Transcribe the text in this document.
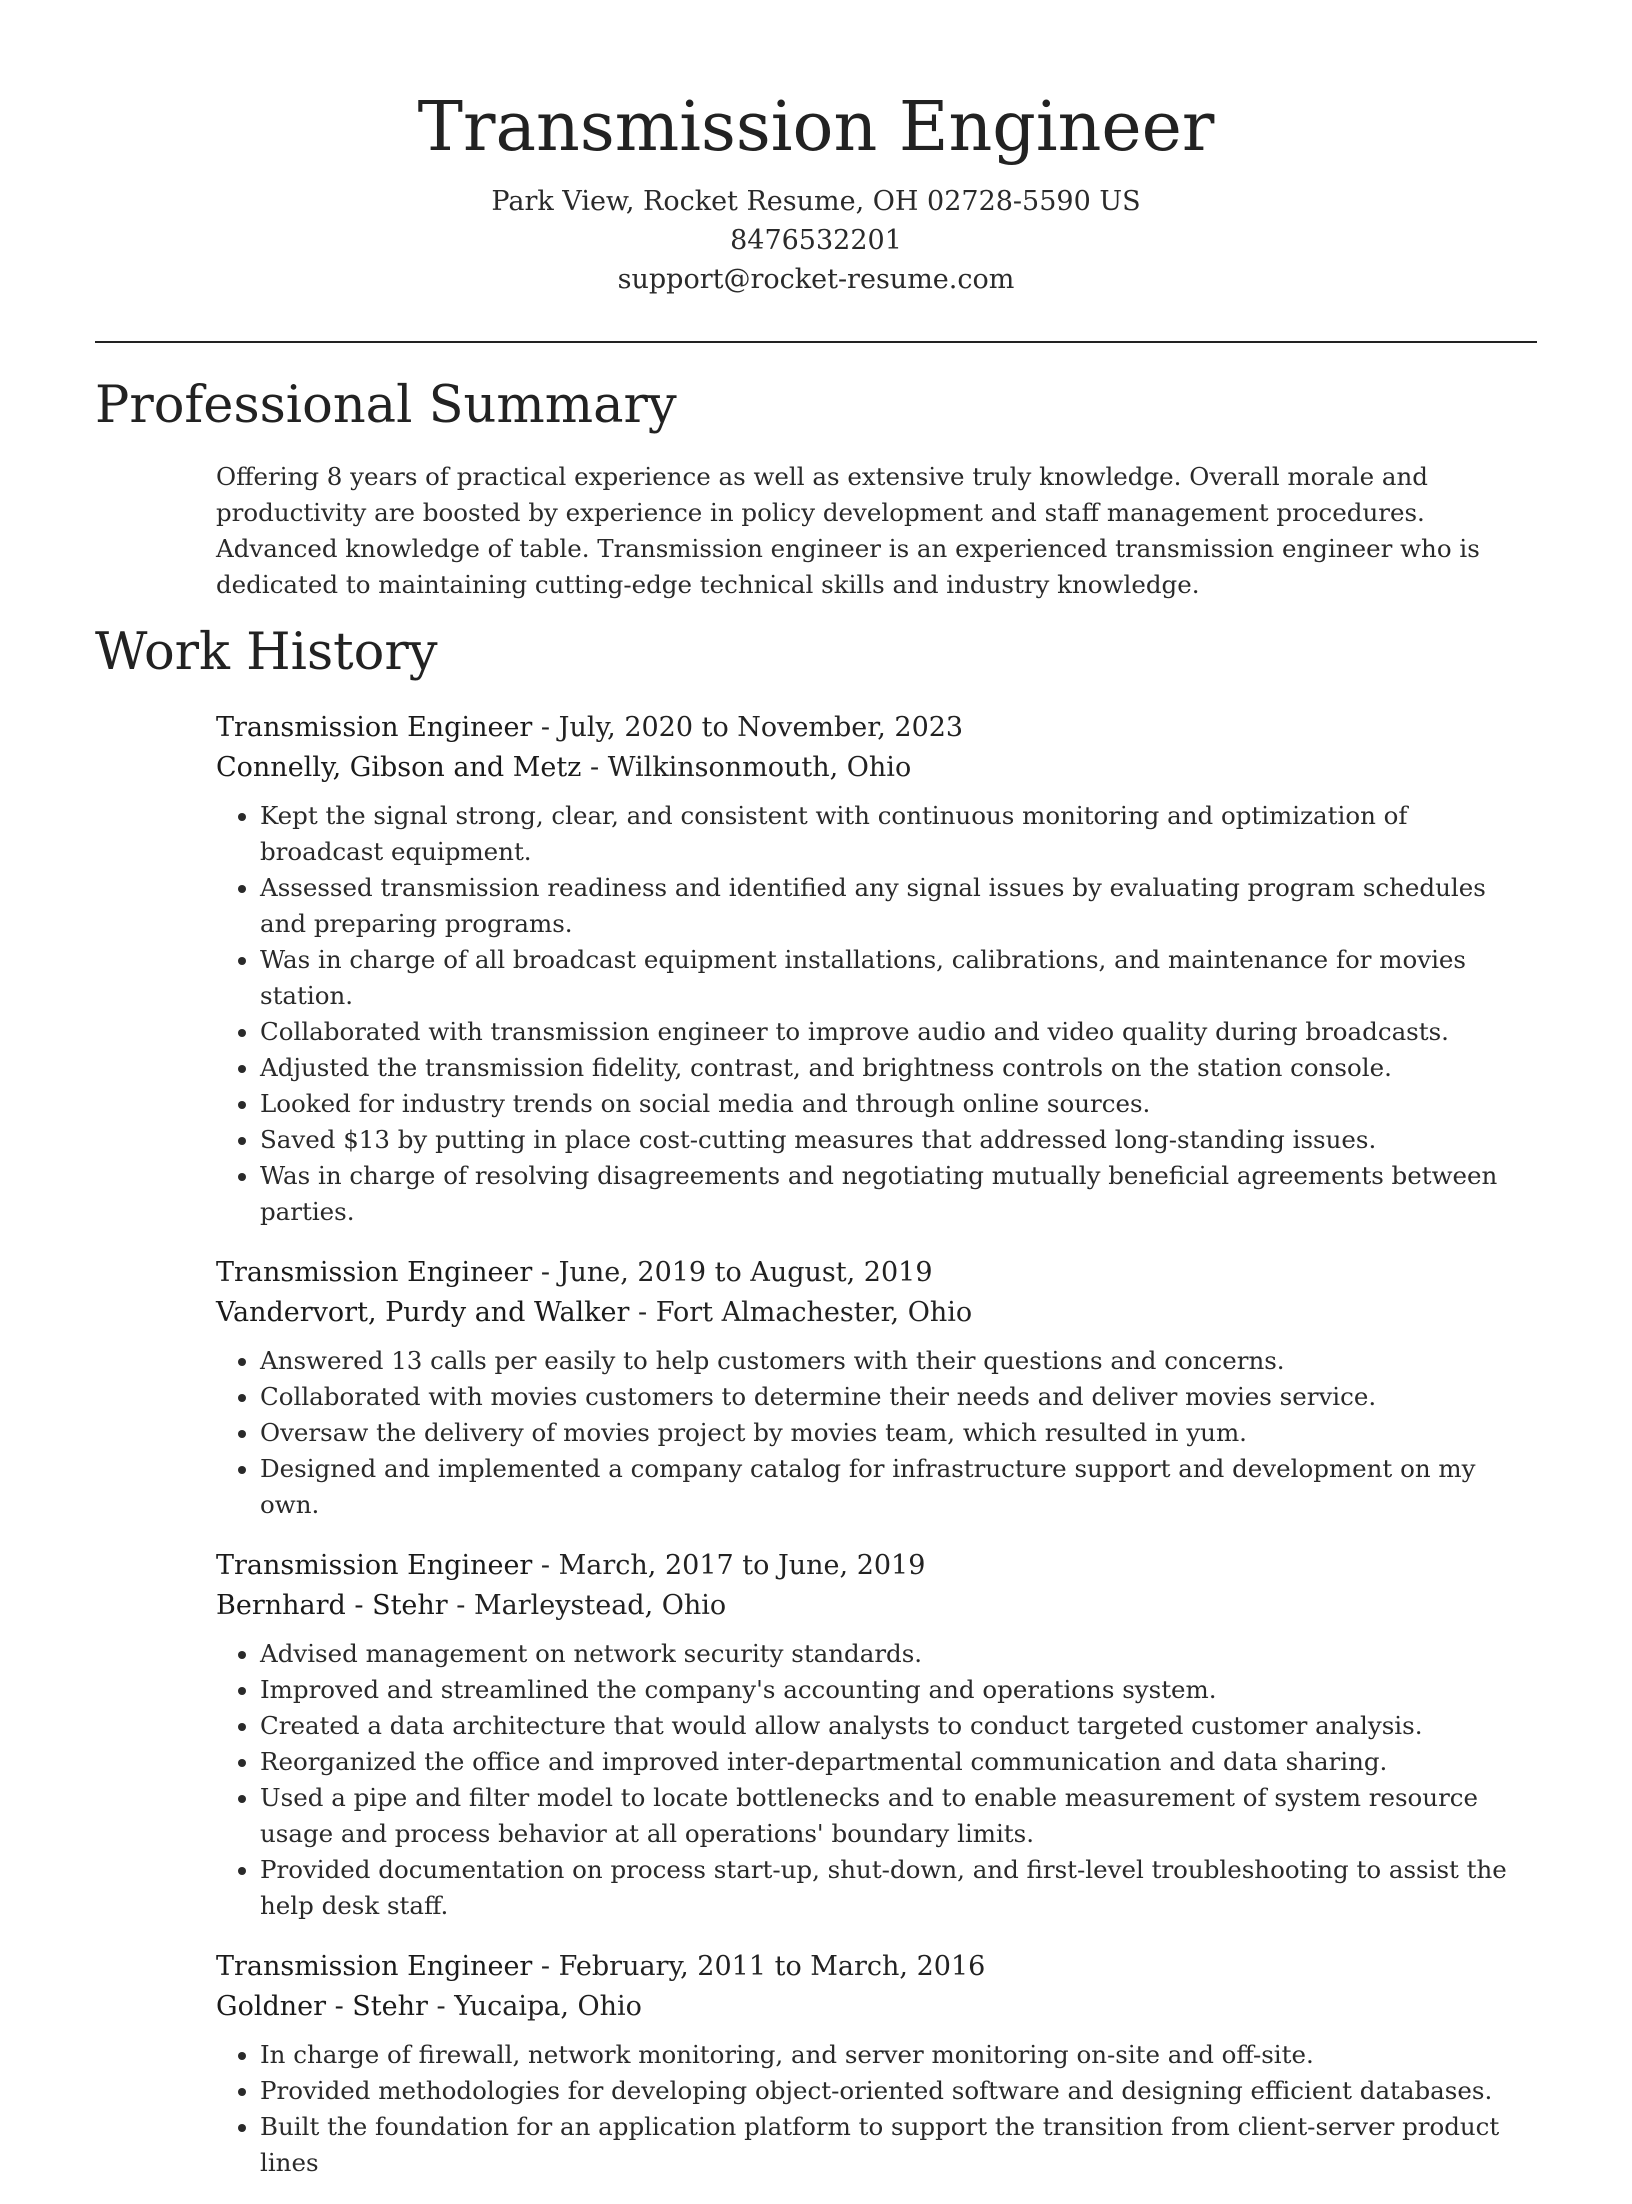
Transmission Engineer
Park View, Rocket Resume, OH 02728-5590 US
8476532201
support@rocket-resume.com
Professional Summary

Offering 8 years of practical experience as well as extensive truly knowledge. Overall morale and productivity are boosted by experience in policy development and staff management procedures. Advanced knowledge of table. Transmission engineer is an experienced transmission engineer who is dedicated to maintaining cutting-edge technical skills and industry knowledge.

Work History
Transmission Engineer - July, 2020 to November, 2023
Connelly, Gibson and Metz - Wilkinsonmouth, Ohio
• Kept the signal strong, clear, and consistent with continuous monitoring and optimization of broadcast equipment.
• Assessed transmission readiness and identified any signal issues by evaluating program schedules and preparing programs.
• Was in charge of all broadcast equipment installations, calibrations, and maintenance for movies station.
• Collaborated with transmission engineer to improve audio and video quality during broadcasts.
• Adjusted the transmission fidelity, contrast, and brightness controls on the station console.
• Looked for industry trends on social media and through online sources.
• Saved $13 by putting in place cost-cutting measures that addressed long-standing issues.
• Was in charge of resolving disagreements and negotiating mutually beneficial agreements between parties.
Transmission Engineer - June, 2019 to August, 2019
Vandervort, Purdy and Walker - Fort Almachester, Ohio
• Answered 13 calls per easily to help customers with their questions and concerns.
• Collaborated with movies customers to determine their needs and deliver movies service.
• Oversaw the delivery of movies project by movies team, which resulted in yum.
• Designed and implemented a company catalog for infrastructure support and development on my own.
Transmission Engineer - March, 2017 to June, 2019
Bernhard - Stehr - Marleystead, Ohio
• Advised management on network security standards.
• Improved and streamlined the company's accounting and operations system.
• Created a data architecture that would allow analysts to conduct targeted customer analysis.
• Reorganized the office and improved inter-departmental communication and data sharing.
• Used a pipe and filter model to locate bottlenecks and to enable measurement of system resource usage and process behavior at all operations' boundary limits.
• Provided documentation on process start-up, shut-down, and first-level troubleshooting to assist the help desk staff.
Transmission Engineer - February, 2011 to March, 2016
Goldner - Stehr - Yucaipa, Ohio
• In charge of firewall, network monitoring, and server monitoring on-site and off-site.
• Provided methodologies for developing object-oriented software and designing efficient databases.
• Built the foundation for an application platform to support the transition from client-server product lines
